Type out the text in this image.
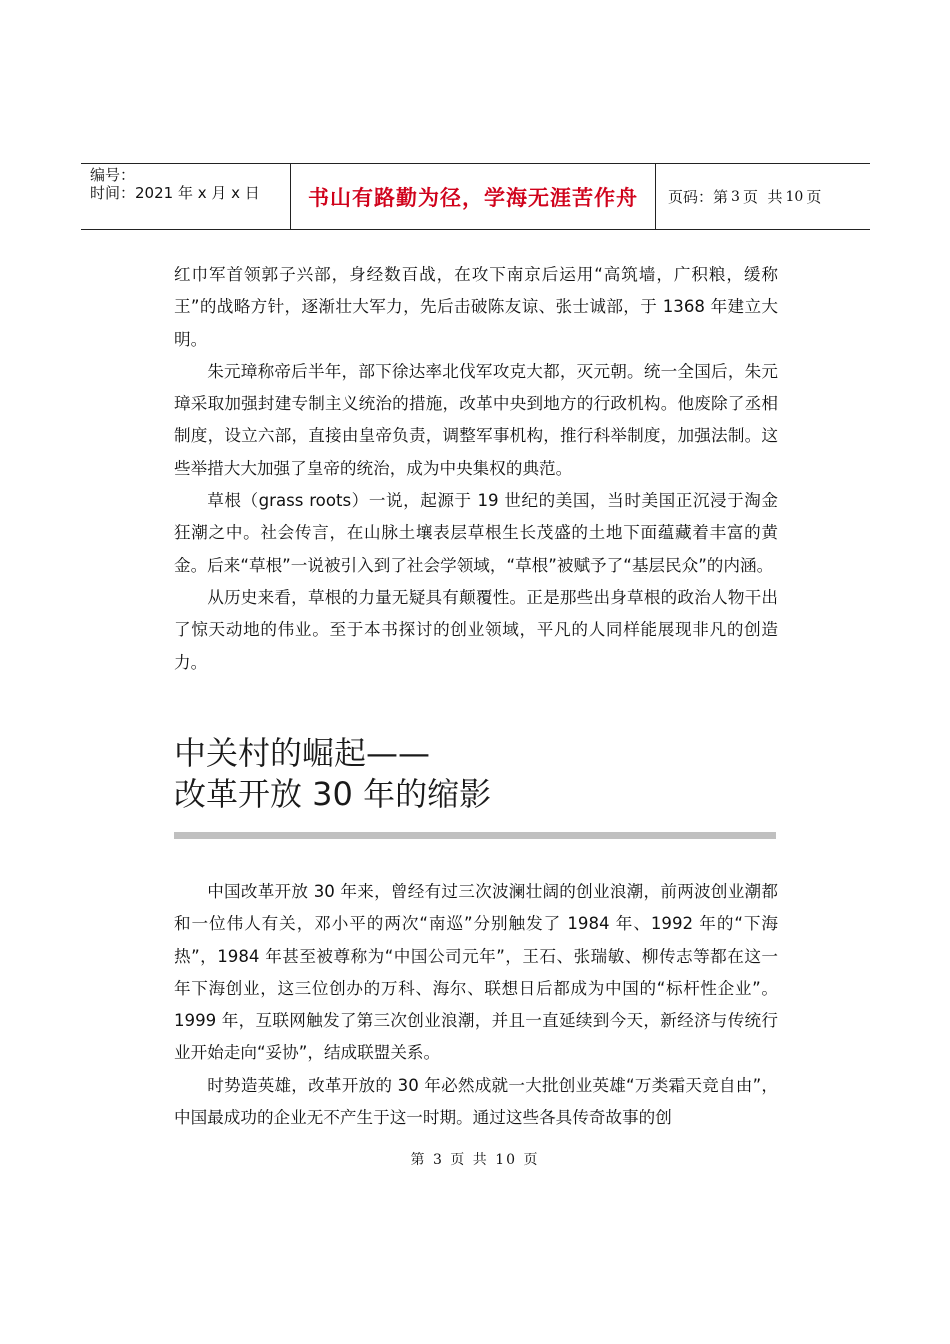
编号：
时间：2021 年 x 月 x 日	书山有路勤为径，学海无涯苦作舟 页码：第 3 页  共 10 页

红巾军首领郭子兴部，身经数百战，在攻下南京后运用“高筑墙，广积粮，缓称王”的战略方针，逐渐壮大军力，先后击破陈友谅、张士诚部，于 1368 年建立大明。

朱元璋称帝后半年，部下徐达率北伐军攻克大都，灭元朝。统一全国后，朱元璋采取加强封建专制主义统治的措施，改革中央到地方的行政机构。他废除了丞相制度，设立六部，直接由皇帝负责，调整军事机构，推行科举制度，加强法制。这些举措大大加强了皇帝的统治，成为中央集权的典范。

草根（grass roots）一说，起源于 19 世纪的美国，当时美国正沉浸于淘金狂潮之中。社会传言，在山脉土壤表层草根生长茂盛的土地下面蕴藏着丰富的黄金。后来“草根”一说被引入到了社会学领域，“草根”被赋予了“基层民众”的内涵。

从历史来看，草根的力量无疑具有颠覆性。正是那些出身草根的政治人物干出了惊天动地的伟业。至于本书探讨的创业领域，平凡的人同样能展现非凡的创造力。

中关村的崛起——
改革开放 30 年的缩影

中国改革开放 30 年来，曾经有过三次波澜壮阔的创业浪潮，前两波创业潮都和一位伟人有关，邓小平的两次“南巡”分别触发了 1984 年、1992 年的“下海热”，1984 年甚至被尊称为“中国公司元年”，王石、张瑞敏、柳传志等都在这一年下海创业，这三位创办的万科、海尔、联想日后都成为中国的“标杆性企业”。1999 年，互联网触发了第三次创业浪潮，并且一直延续到今天，新经济与传统行业开始走向“妥协”，结成联盟关系。

时势造英雄，改革开放的 30 年必然成就一大批创业英雄“万类霜天竞自由”，中国最成功的企业无不产生于这一时期。通过这些各具传奇故事的创

第 3 页 共 10 页
